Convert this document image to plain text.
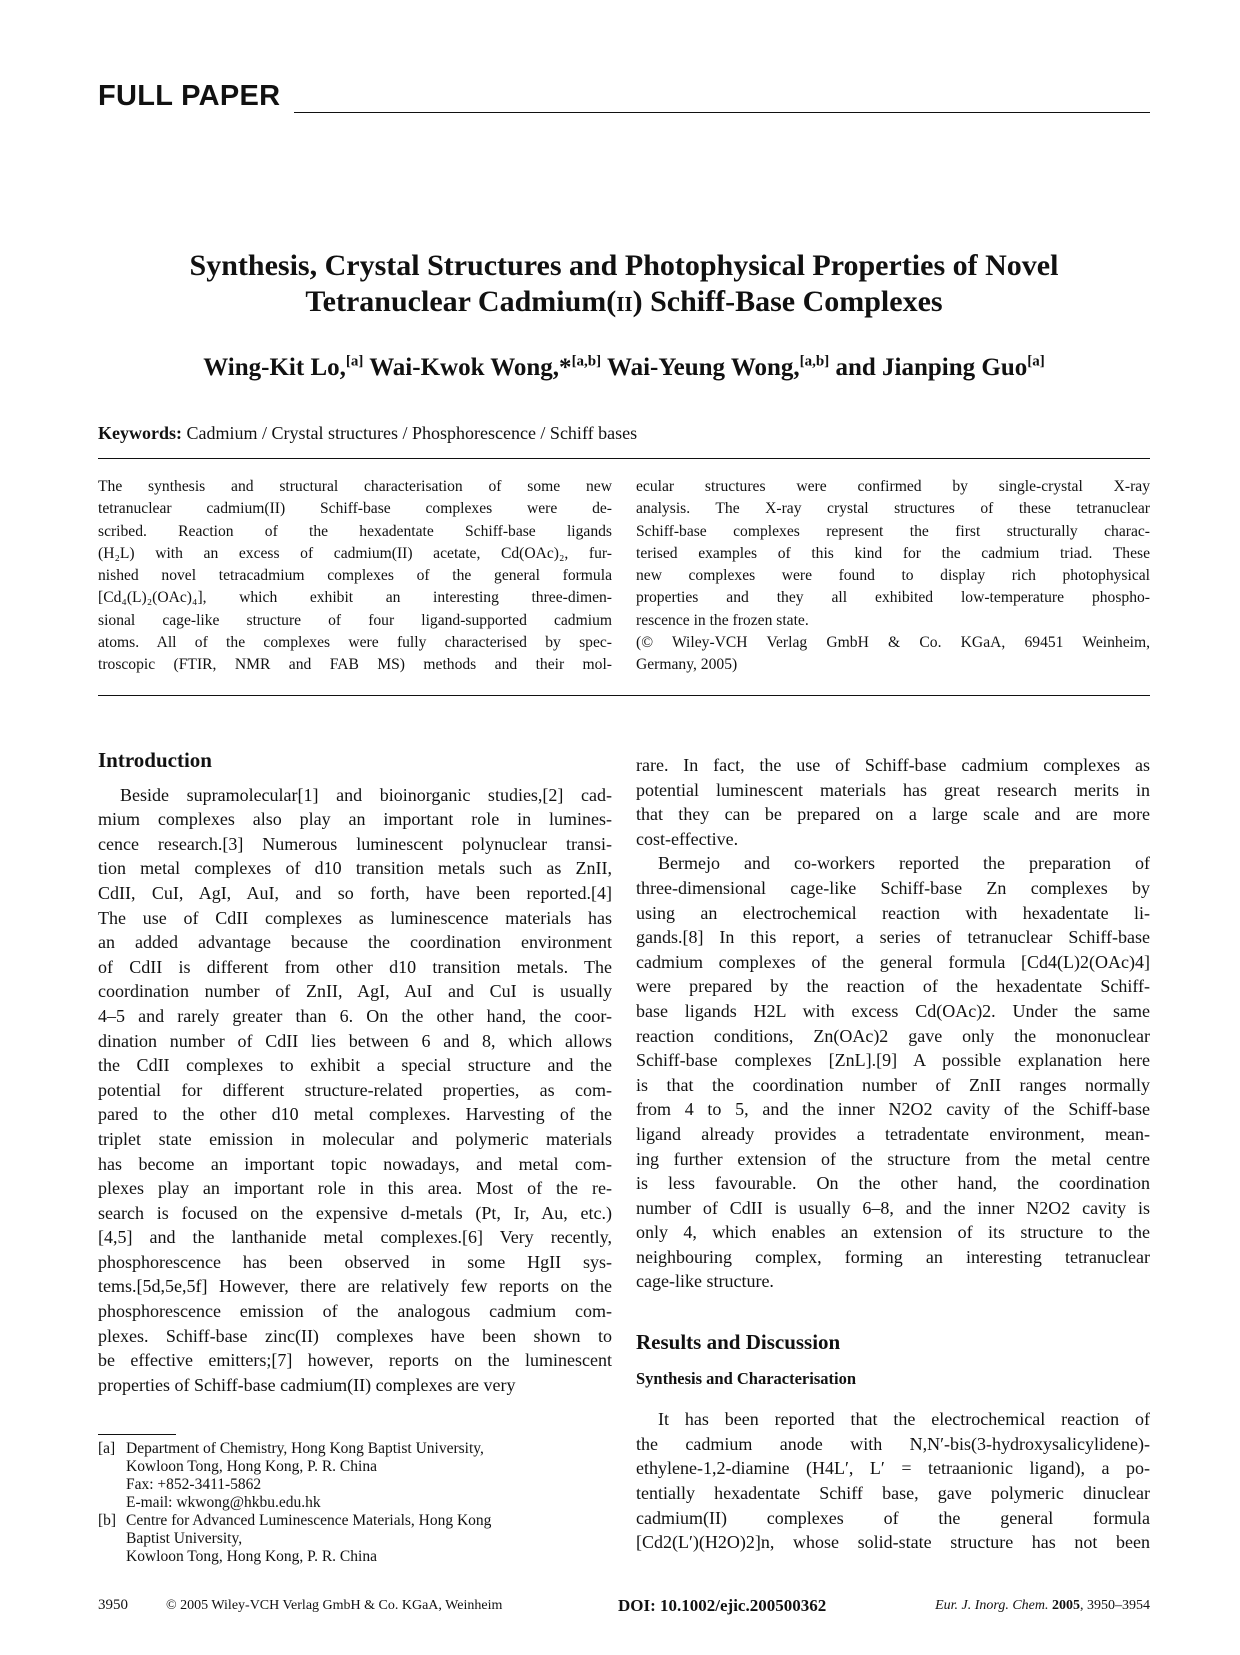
FULL PAPER
Synthesis, Crystal Structures and Photophysical Properties of Novel
Tetranuclear Cadmium(ii) Schiff-Base Complexes
Wing-Kit Lo,[a] Wai-Kwok Wong,*[a,b] Wai-Yeung Wong,[a,b] and Jianping Guo[a]
Keywords: Cadmium / Crystal structures / Phosphorescence / Schiff bases

The synthesis and structural characterisation of some new

tetranuclear cadmium(II) Schiff-base complexes were de-

scribed. Reaction of the hexadentate Schiff-base ligands

(H₂L) with an excess of cadmium(II) acetate, Cd(OAc)₂, fur-

nished novel tetracadmium complexes of the general formula

[Cd₄(L)₂(OAc)₄], which exhibit an interesting three-dimen-

sional cage-like structure of four ligand-supported cadmium

atoms. All of the complexes were fully characterised by spec-

troscopic (FTIR, NMR and FAB MS) methods and their mol-

ecular structures were confirmed by single-crystal X-ray

analysis. The X-ray crystal structures of these tetranuclear

Schiff-base complexes represent the first structurally charac-

terised examples of this kind for the cadmium triad. These

new complexes were found to display rich photophysical

properties and they all exhibited low-temperature phospho-

rescence in the frozen state.

(© Wiley-VCH Verlag GmbH & Co. KGaA, 69451 Weinheim,

Germany, 2005)

Introduction

Beside supramolecular[1] and bioinorganic studies,[2] cad-

mium complexes also play an important role in lumines-

cence research.[3] Numerous luminescent polynuclear transi-

tion metal complexes of d10 transition metals such as ZnII,

CdII, CuI, AgI, AuI, and so forth, have been reported.[4]

The use of CdII complexes as luminescence materials has

an added advantage because the coordination environment

of CdII is different from other d10 transition metals. The

coordination number of ZnII, AgI, AuI and CuI is usually

4–5 and rarely greater than 6. On the other hand, the coor-

dination number of CdII lies between 6 and 8, which allows

the CdII complexes to exhibit a special structure and the

potential for different structure-related properties, as com-

pared to the other d10 metal complexes. Harvesting of the

triplet state emission in molecular and polymeric materials

has become an important topic nowadays, and metal com-

plexes play an important role in this area. Most of the re-

search is focused on the expensive d-metals (Pt, Ir, Au, etc.)

[4,5] and the lanthanide metal complexes.[6] Very recently,

phosphorescence has been observed in some HgII sys-

tems.[5d,5e,5f] However, there are relatively few reports on the

phosphorescence emission of the analogous cadmium com-

plexes. Schiff-base zinc(II) complexes have been shown to

be effective emitters;[7] however, reports on the luminescent

properties of Schiff-base cadmium(II) complexes are very

[a] Department of Chemistry, Hong Kong Baptist University,
Kowloon Tong, Hong Kong, P. R. China
Fax: +852-3411-5862
E-mail: wkwong@hkbu.edu.hk
[b] Centre for Advanced Luminescence Materials, Hong Kong
Baptist University,
Kowloon Tong, Hong Kong, P. R. China

rare. In fact, the use of Schiff-base cadmium complexes as

potential luminescent materials has great research merits in

that they can be prepared on a large scale and are more

cost-effective.

Bermejo and co-workers reported the preparation of

three-dimensional cage-like Schiff-base Zn complexes by

using an electrochemical reaction with hexadentate li-

gands.[8] In this report, a series of tetranuclear Schiff-base

cadmium complexes of the general formula [Cd4(L)2(OAc)4]

were prepared by the reaction of the hexadentate Schiff-

base ligands H2L with excess Cd(OAc)2. Under the same

reaction conditions, Zn(OAc)2 gave only the mononuclear

Schiff-base complexes [ZnL].[9] A possible explanation here

is that the coordination number of ZnII ranges normally

from 4 to 5, and the inner N2O2 cavity of the Schiff-base

ligand already provides a tetradentate environment, mean-

ing further extension of the structure from the metal centre

is less favourable. On the other hand, the coordination

number of CdII is usually 6–8, and the inner N2O2 cavity is

only 4, which enables an extension of its structure to the

neighbouring complex, forming an interesting tetranuclear

cage-like structure.

Results and Discussion
Synthesis and Characterisation

It has been reported that the electrochemical reaction of

the cadmium anode with N,N′-bis(3-hydroxysalicylidene)-

ethylene-1,2-diamine (H4L′, L′ = tetraanionic ligand), a po-

tentially hexadentate Schiff base, gave polymeric dinuclear

cadmium(II)   complexes   of   the   general   formula

[Cd2(L′)(H2O)2]n, whose solid-state structure has not been

3950	© 2005 Wiley-VCH Verlag GmbH & Co. KGaA, Weinheim	DOI: 10.1002/ejic.200500362	Eur. J. Inorg. Chem. 2005, 3950–3954
